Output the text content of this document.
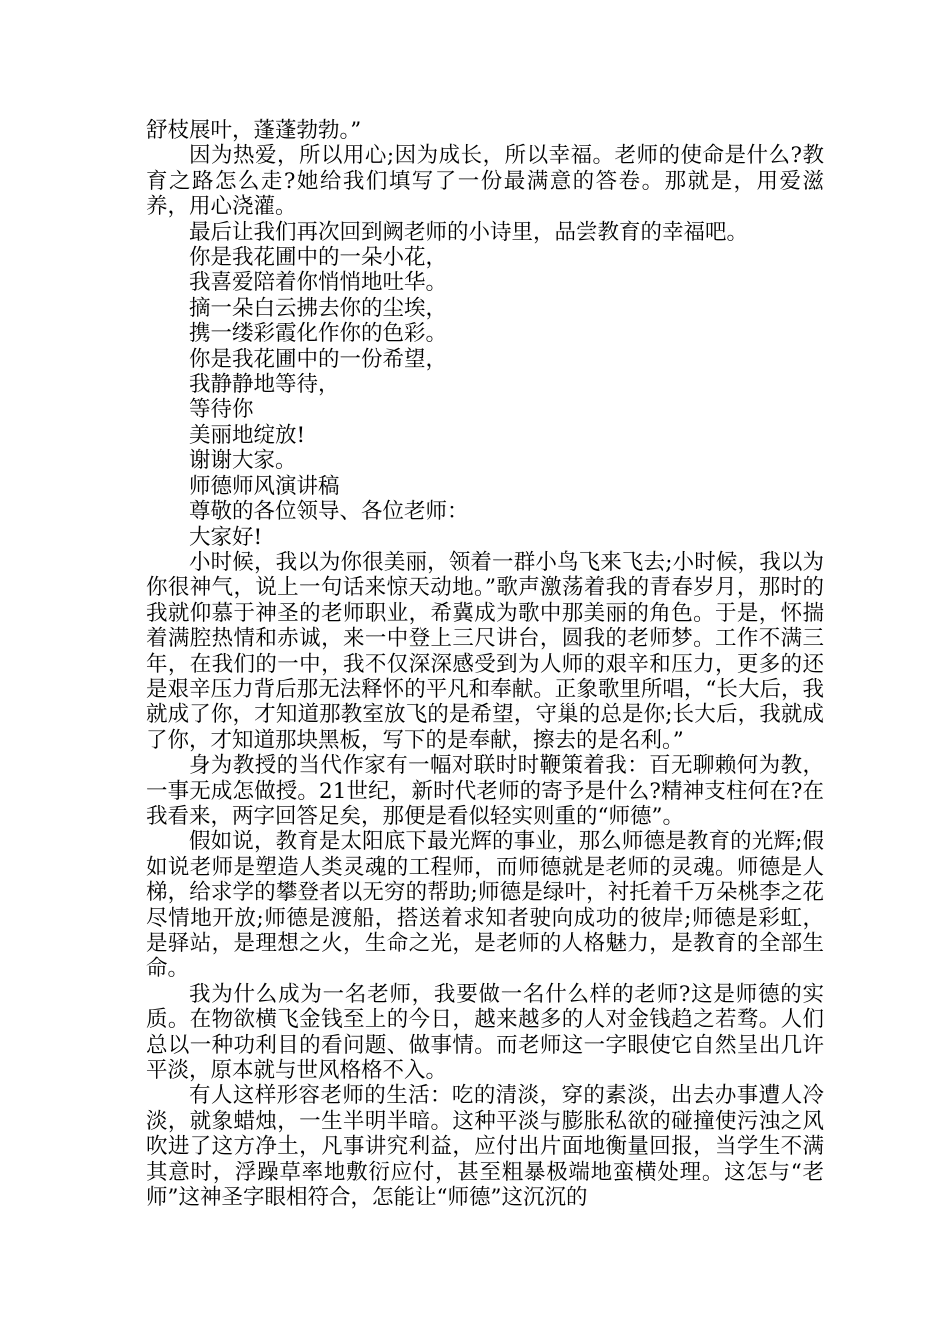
舒枝展叶，蓬蓬勃勃。”

因为热爱，所以用心;因为成长，所以幸福。老师的使命是什么?教育之路怎么走?她给我们填写了一份最满意的答卷。那就是，用爱滋养，用心浇灌。

最后让我们再次回到阙老师的小诗里，品尝教育的幸福吧。

你是我花圃中的一朵小花，

我喜爱陪着你悄悄地吐华。

摘一朵白云拂去你的尘埃，

携一缕彩霞化作你的色彩。

你是我花圃中的一份希望，

我静静地等待，

等待你

美丽地绽放!

谢谢大家。

师德师风演讲稿

尊敬的各位领导、各位老师：

大家好!

小时候，我以为你很美丽，领着一群小鸟飞来飞去;小时候，我以为你很神气，说上一句话来惊天动地。”歌声激荡着我的青春岁月，那时的我就仰慕于神圣的老师职业，希冀成为歌中那美丽的角色。于是，怀揣着满腔热情和赤诚，来一中登上三尺讲台，圆我的老师梦。工作不满三年，在我们的一中，我不仅深深感受到为人师的艰辛和压力，更多的还是艰辛压力背后那无法释怀的平凡和奉献。正象歌里所唱，“长大后，我就成了你，才知道那教室放飞的是希望，守巢的总是你;长大后，我就成了你，才知道那块黑板，写下的是奉献，擦去的是名利。”

身为教授的当代作家有一幅对联时时鞭策着我：百无聊赖何为教，一事无成怎做授。21世纪，新时代老师的寄予是什么?精神支柱何在?在我看来，两字回答足矣，那便是看似轻实则重的“师德”。

假如说，教育是太阳底下最光辉的事业，那么师德是教育的光辉;假如说老师是塑造人类灵魂的工程师，而师德就是老师的灵魂。师德是人梯，给求学的攀登者以无穷的帮助;师德是绿叶，衬托着千万朵桃李之花尽情地开放;师德是渡船，搭送着求知者驶向成功的彼岸;师德是彩虹，是驿站，是理想之火，生命之光，是老师的人格魅力，是教育的全部生命。

我为什么成为一名老师，我要做一名什么样的老师?这是师德的实质。在物欲横飞金钱至上的今日，越来越多的人对金钱趋之若骛。人们总以一种功利目的看问题、做事情。而老师这一字眼使它自然呈出几许平淡，原本就与世风格格不入。

有人这样形容老师的生活：吃的清淡，穿的素淡，出去办事遭人冷淡，就象蜡烛，一生半明半暗。这种平淡与膨胀私欲的碰撞使污浊之风吹进了这方净土，凡事讲究利益，应付出片面地衡量回报，当学生不满其意时，浮躁草率地敷衍应付，甚至粗暴极端地蛮横处理。这怎与“老师”这神圣字眼相符合，怎能让“师德”这沉沉的
